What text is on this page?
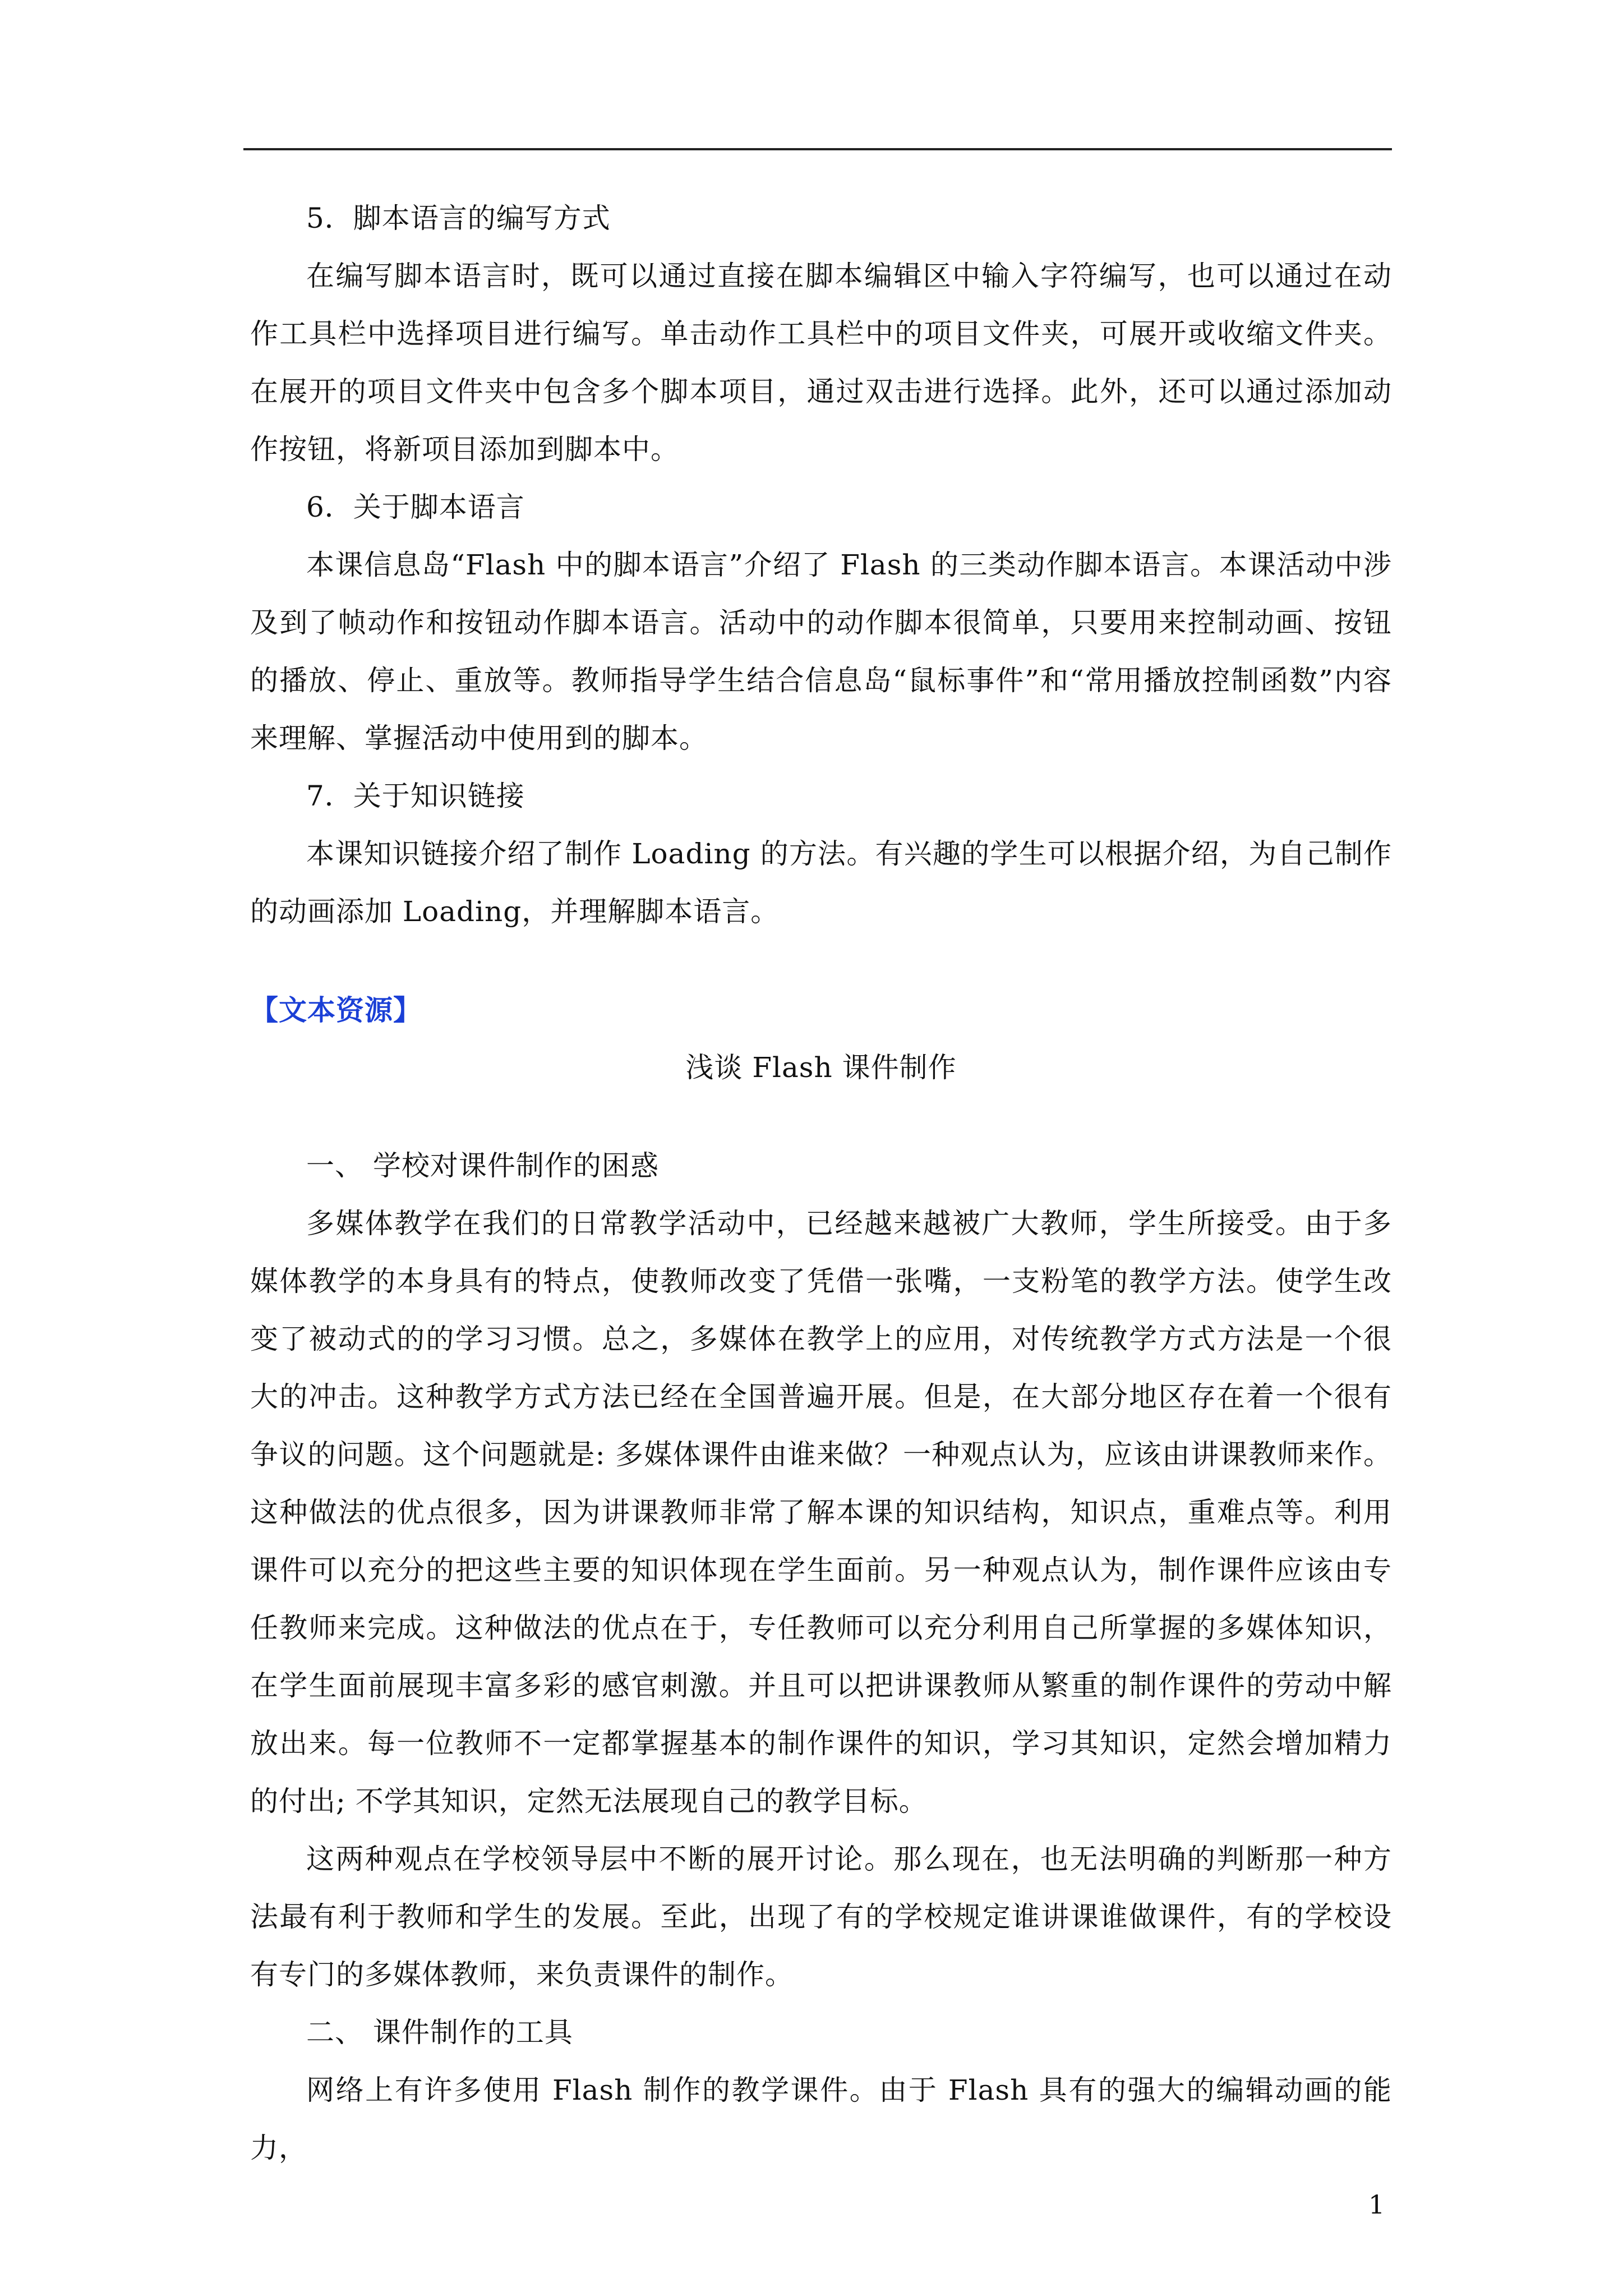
5．脚本语言的编写方式

在编写脚本语言时，既可以通过直接在脚本编辑区中输入字符编写，也可以通过在动作工具栏中选择项目进行编写。单击动作工具栏中的项目文件夹，可展开或收缩文件夹。在展开的项目文件夹中包含多个脚本项目，通过双击进行选择。此外，还可以通过添加动作按钮，将新项目添加到脚本中。

6．关于脚本语言

本课信息岛“Flash 中的脚本语言”介绍了 Flash 的三类动作脚本语言。本课活动中涉及到了帧动作和按钮动作脚本语言。活动中的动作脚本很简单，只要用来控制动画、按钮的播放、停止、重放等。教师指导学生结合信息岛“鼠标事件”和“常用播放控制函数”内容来理解、掌握活动中使用到的脚本。

7．关于知识链接

本课知识链接介绍了制作 Loading 的方法。有兴趣的学生可以根据介绍，为自己制作的动画添加 Loading，并理解脚本语言。

【文本资源】

浅谈 Flash 课件制作

一、 学校对课件制作的困惑

多媒体教学在我们的日常教学活动中，已经越来越被广大教师，学生所接受。由于多媒体教学的本身具有的特点，使教师改变了凭借一张嘴，一支粉笔的教学方法。使学生改变了被动式的的学习习惯。总之，多媒体在教学上的应用，对传统教学方式方法是一个很大的冲击。这种教学方式方法已经在全国普遍开展。但是，在大部分地区存在着一个很有争议的问题。这个问题就是: 多媒体课件由谁来做？一种观点认为，应该由讲课教师来作。这种做法的优点很多，因为讲课教师非常了解本课的知识结构，知识点，重难点等。利用课件可以充分的把这些主要的知识体现在学生面前。另一种观点认为，制作课件应该由专任教师来完成。这种做法的优点在于，专任教师可以充分利用自己所掌握的多媒体知识，在学生面前展现丰富多彩的感官刺激。并且可以把讲课教师从繁重的制作课件的劳动中解放出来。每一位教师不一定都掌握基本的制作课件的知识，学习其知识，定然会增加精力的付出; 不学其知识，定然无法展现自己的教学目标。

这两种观点在学校领导层中不断的展开讨论。那么现在，也无法明确的判断那一种方法最有利于教师和学生的发展。至此，出现了有的学校规定谁讲课谁做课件，有的学校设有专门的多媒体教师，来负责课件的制作。

二、 课件制作的工具

网络上有许多使用 Flash 制作的教学课件。由于 Flash 具有的强大的编辑动画的能力，

1
